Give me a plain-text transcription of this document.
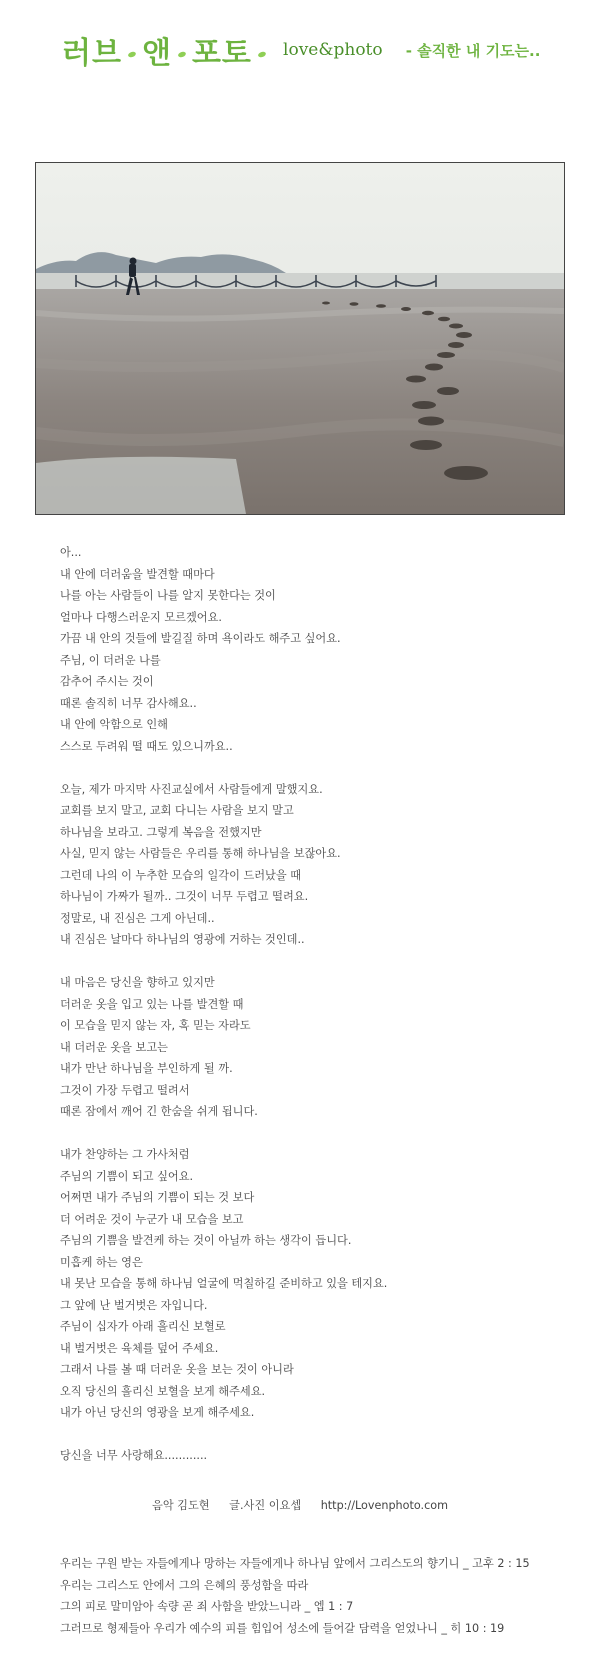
러브 앤 포토 love&photo - 솔직한 내 기도는..
아...
내 안에 더러움을 발견할 때마다
나를 아는 사람들이 나를 알지 못한다는 것이
얼마나 다행스러운지 모르겠어요.
가끔 내 안의 것들에 발길질 하며 욕이라도 해주고 싶어요.
주님, 이 더러운 나를
감추어 주시는 것이
때론 솔직히 너무 감사해요..
내 안에 악함으로 인해
스스로 두려워 떨 때도 있으니까요..
오늘, 제가 마지막 사진교실에서 사람들에게 말했지요.
교회를 보지 말고, 교회 다니는 사람을 보지 말고
하나님을 보라고. 그렇게 복음을 전했지만
사실, 믿지 않는 사람들은 우리를 통해 하나님을 보잖아요.
그런데 나의 이 누추한 모습의 일각이 드러났을 때
하나님이 가짜가 될까.. 그것이 너무 두렵고 떨려요.
정말로, 내 진심은 그게 아닌데..
내 진심은 날마다 하나님의 영광에 거하는 것인데..
내 마음은 당신을 향하고 있지만
더러운 옷을 입고 있는 나를 발견할 때
이 모습을 믿지 않는 자, 혹 믿는 자라도
내 더러운 옷을 보고는
내가 만난 하나님을 부인하게 될 까.
그것이 가장 두렵고 떨려서
때론 잠에서 깨어 긴 한숨을 쉬게 됩니다.
내가 찬양하는 그 가사처럼
주님의 기쁨이 되고 싶어요.
어쩌면 내가 주님의 기쁨이 되는 것 보다
더 어려운 것이 누군가 내 모습을 보고
주님의 기쁨을 발견케 하는 것이 아닐까 하는 생각이 듭니다.
미흡케 하는 영은
내 못난 모습을 통해 하나님 얼굴에 먹칠하길 준비하고 있을 테지요.
그 앞에 난 벌거벗은 자입니다.
주님이 십자가 아래 흘리신 보혈로
내 벌거벗은 육체를 덮어 주세요.
그래서 나를 볼 때 더러운 옷을 보는 것이 아니라
오직 당신의 흘리신 보혈을 보게 해주세요.
내가 아닌 당신의 영광을 보게 해주세요.
당신을 너무 사랑해요............
음악 김도현 글.사진 이요셉 http://Lovenphoto.com
우리는 구원 받는 자들에게나 망하는 자들에게나 하나님 앞에서 그리스도의 향기니 _ 고후 2 : 15
우리는 그리스도 안에서 그의 은혜의 풍성함을 따라
그의 피로 말미암아 속량 곧 죄 사함을 받았느니라 _ 엡 1 : 7
그러므로 형제들아 우리가 예수의 피를 힘입어 성소에 들어갈 담력을 얻었나니 _ 히 10 : 19
